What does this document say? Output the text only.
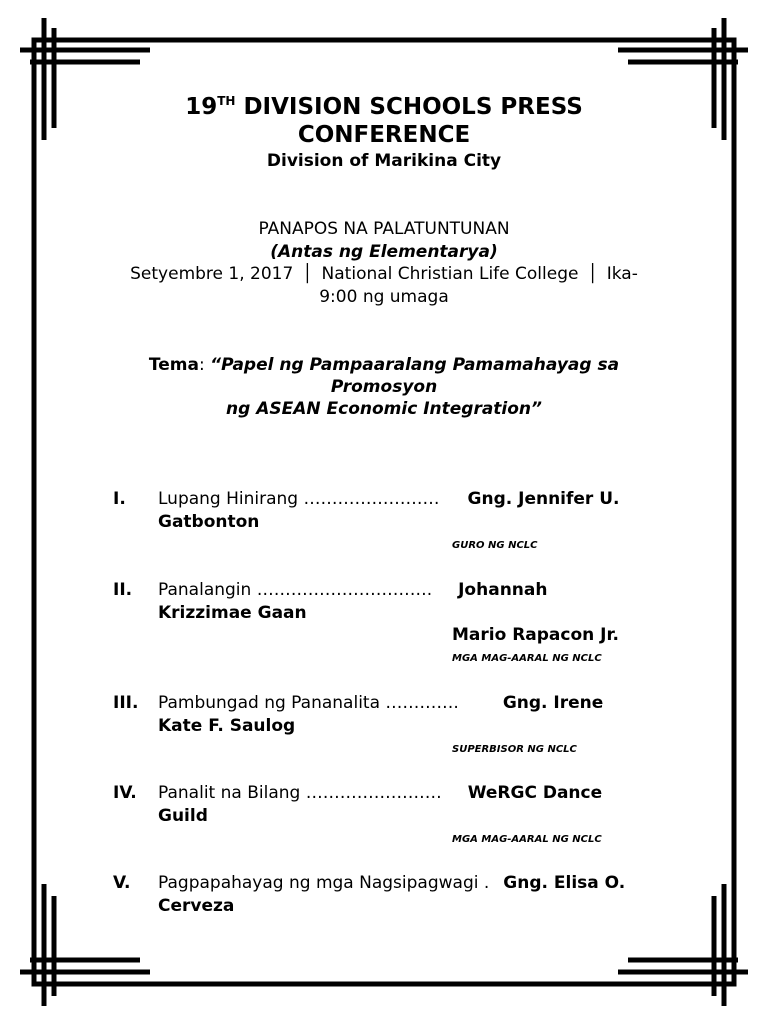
19TH DIVISION SCHOOLS PRESS
CONFERENCE
Division of Marikina City
PANAPOS NA PALATUNTUNAN
(Antas ng Elementarya)
Setyembre 1, 2017 │ National Christian Life College │ Ika-
9:00 ng umaga
Tema: “Papel ng Pampaaralang Pamamahayag sa
Promosyon
ng ASEAN Economic Integration”
I. Lupang Hinirang …………………… Gng. Jennifer U.
Gatbonton
GURO NG NCLC
II. Panalangin …………………………. Johannah
Krizzimae Gaan
Mario Rapacon Jr.
MGA MAG-AARAL NG NCLC
III. Pambungad ng Pananalita ………….	Gng. Irene
Kate F. Saulog
SUPERBISOR NG NCLC
IV. Panalit na Bilang …………………… WeRGC Dance
Guild
MGA MAG-AARAL NG NCLC
V. Pagpapahayag ng mga Nagsipagwagi . Gng. Elisa O.
Cerveza
